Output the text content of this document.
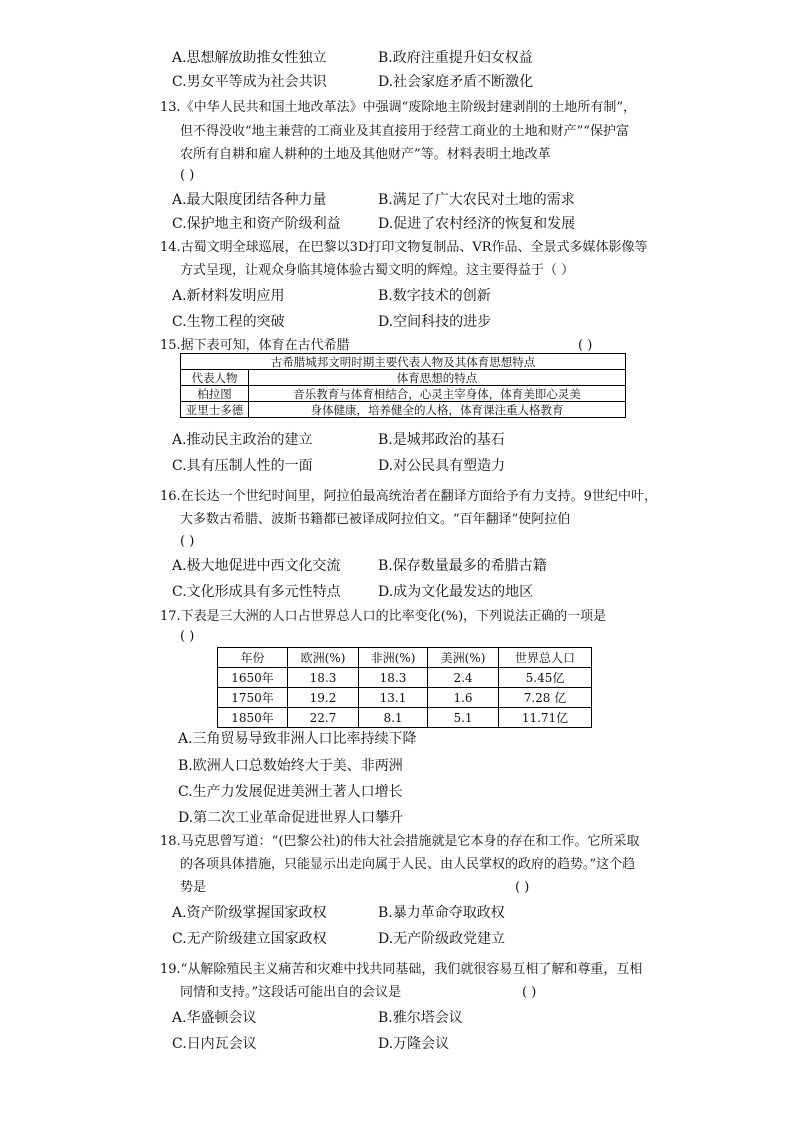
A.思想解放助推女性独立	B.政府注重提升妇女权益
C.男女平等成为社会共识	D.社会家庭矛盾不断激化
13.《中华人民共和国土地改革法》中强调“废除地主阶级封建剥削的土地所有制”，
但不得没收“地主兼营的工商业及其直接用于经营工商业的土地和财产”“保护富
农所有自耕和雇人耕种的土地及其他财产”等。材料表明土地改革
( )
A.最大限度团结各种力量	B.满足了广大农民对土地的需求
C.保护地主和资产阶级利益	D.促进了农村经济的恢复和发展
14.古蜀文明全球巡展，在巴黎以3D打印文物复制品、VR作品、全景式多媒体影像等
方式呈现，让观众身临其境体验古蜀文明的辉煌。这主要得益于（ ）
A.新材料发明应用	B.数字技术的创新
C.生物工程的突破	D.空间科技的进步
15.据下表可知，体育在古代希腊	( )
古希腊城邦文明时期主要代表人物及其体育思想特点	
代表人物	体育思想的特点
柏拉图	音乐教育与体育相结合，心灵主宰身体，体育美即心灵美
亚里士多德	身体健康，培养健全的人格，体育课注重人格教育
A.推动民主政治的建立	B.是城邦政治的基石
C.具有压制人性的一面	D.对公民具有塑造力
16.在长达一个世纪时间里，阿拉伯最高统治者在翻译方面给予有力支持。9世纪中叶，
大多数古希腊、波斯书籍都已被译成阿拉伯文。“百年翻译”使阿拉伯
( )
A.极大地促进中西文化交流	B.保存数量最多的希腊古籍
C.文化形成具有多元性特点	D.成为文化最发达的地区
17.下表是三大洲的人口占世界总人口的比率变化(%)，下列说法正确的一项是
( )
年份	欧洲(%)	非洲(%)	美洲(%)	世界总人口
1650年	18.3	18.3	2.4	5.45亿
1750年	19.2	13.1	1.6	7.28 亿
1850年	22.7	8.1	5.1	11.71亿
A.三角贸易导致非洲人口比率持续下降
B.欧洲人口总数始终大于美、非两洲
C.生产力发展促进美洲土著人口增长
D.第二次工业革命促进世界人口攀升
18.马克思曾写道：“(巴黎公社)的伟大社会措施就是它本身的存在和工作。它所采取
的各项具体措施，只能显示出走向属于人民、由人民掌权的政府的趋势。”这个趋
势是	( )
A.资产阶级掌握国家政权	B.暴力革命夺取政权
C.无产阶级建立国家政权	D.无产阶级政党建立
19.“从解除殖民主义痛苦和灾难中找共同基础，我们就很容易互相了解和尊重，互相
同情和支持。”这段话可能出自的会议是	( )
A.华盛顿会议	B.雅尔塔会议
C.日内瓦会议	D.万隆会议
